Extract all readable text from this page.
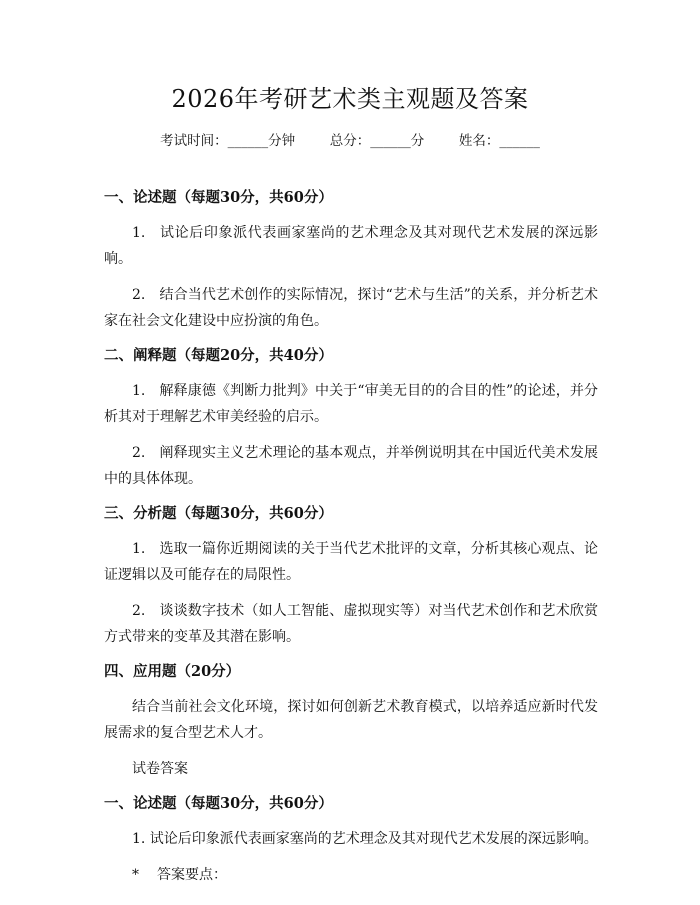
2026年考研艺术类主观题及答案
考试时间：______分钟	总分：______分	姓名：______

一、论述题（每题30分，共60分）

1. 试论后印象派代表画家塞尚的艺术理念及其对现代艺术发展的深远影响。

2. 结合当代艺术创作的实际情况，探讨“艺术与生活”的关系，并分析艺术家在社会文化建设中应扮演的角色。

二、阐释题（每题20分，共40分）

1. 解释康德《判断力批判》中关于“审美无目的的合目的性”的论述，并分析其对于理解艺术审美经验的启示。

2. 阐释现实主义艺术理论的基本观点，并举例说明其在中国近代美术发展中的具体体现。

三、分析题（每题30分，共60分）

1. 选取一篇你近期阅读的关于当代艺术批评的文章，分析其核心观点、论证逻辑以及可能存在的局限性。

2. 谈谈数字技术（如人工智能、虚拟现实等）对当代艺术创作和艺术欣赏方式带来的变革及其潜在影响。

四、应用题（20分）

结合当前社会文化环境，探讨如何创新艺术教育模式，以培养适应新时代发展需求的复合型艺术人才。

试卷答案

一、论述题（每题30分，共60分）

1. 试论后印象派代表画家塞尚的艺术理念及其对现代艺术发展的深远影响。

* 答案要点：
